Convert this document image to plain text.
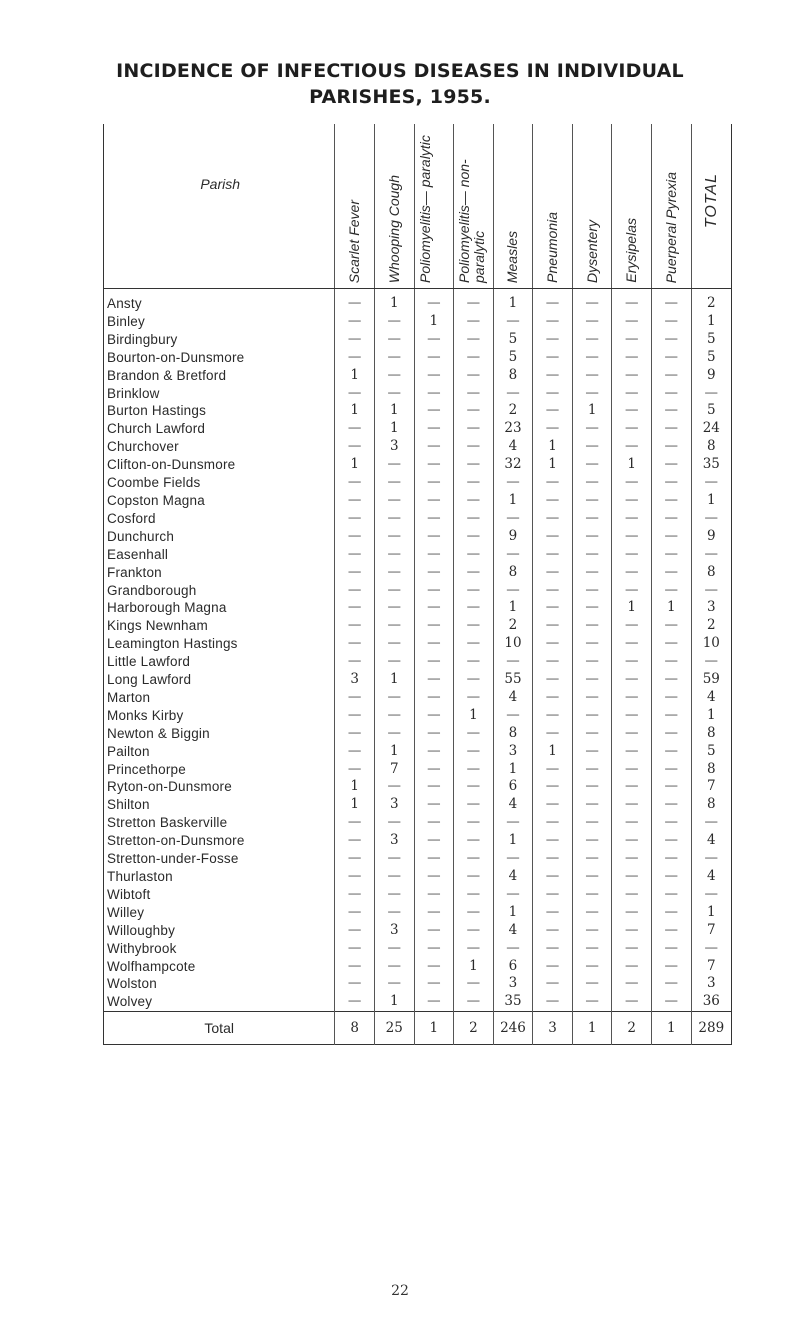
INCIDENCE OF INFECTIOUS DISEASES IN INDIVIDUAL
PARISHES, 1955.
Parish	Scarlet Fever	Whooping Cough	Poliomyelitis— paralytic	Poliomyelitis— non-paralytic	Measles	Pneumonia	Dysentery	Erysipelas	Puerperal Pyrexia	TOTAL

Ansty	—	1	—	—	1	—	—	—	—	2
Binley	—	—	1	—	—	—	—	—	—	1
Birdingbury	—	—	—	—	5	—	—	—	—	5
Bourton-on-Dunsmore	—	—	—	—	5	—	—	—	—	5
Brandon & Bretford	1	—	—	—	8	—	—	—	—	9
Brinklow	—	—	—	—	—	—	—	—	—	—
Burton Hastings	1	1	—	—	2	—	1	—	—	5
Church Lawford	—	1	—	—	23	—	—	—	—	24
Churchover	—	3	—	—	4	1	—	—	—	8
Clifton-on-Dunsmore	1	—	—	—	32	1	—	1	—	35
Coombe Fields	—	—	—	—	—	—	—	—	—	—
Copston Magna	—	—	—	—	1	—	—	—	—	1
Cosford	—	—	—	—	—	—	—	—	—	—
Dunchurch	—	—	—	—	9	—	—	—	—	9
Easenhall	—	—	—	—	—	—	—	—	—	—
Frankton	—	—	—	—	8	—	—	—	—	8
Grandborough	—	—	—	—	—	—	—	—	—	—
Harborough Magna	—	—	—	—	1	—	—	1	1	3
Kings Newnham	—	—	—	—	2	—	—	—	—	2
Leamington Hastings	—	—	—	—	10	—	—	—	—	10
Little Lawford	—	—	—	—	—	—	—	—	—	—
Long Lawford	3	1	—	—	55	—	—	—	—	59
Marton	—	—	—	—	4	—	—	—	—	4
Monks Kirby	—	—	—	1	—	—	—	—	—	1
Newton & Biggin	—	—	—	—	8	—	—	—	—	8
Pailton	—	1	—	—	3	1	—	—	—	5
Princethorpe	—	7	—	—	1	—	—	—	—	8
Ryton-on-Dunsmore	1	—	—	—	6	—	—	—	—	7
Shilton	1	3	—	—	4	—	—	—	—	8
Stretton Baskerville	—	—	—	—	—	—	—	—	—	—
Stretton-on-Dunsmore	—	3	—	—	1	—	—	—	—	4
Stretton-under-Fosse	—	—	—	—	—	—	—	—	—	—
Thurlaston	—	—	—	—	4	—	—	—	—	4
Wibtoft	—	—	—	—	—	—	—	—	—	—
Willey	—	—	—	—	1	—	—	—	—	1
Willoughby	—	3	—	—	4	—	—	—	—	7
Withybrook	—	—	—	—	—	—	—	—	—	—
Wolfhampcote	—	—	—	1	6	—	—	—	—	7
Wolston	—	—	—	—	3	—	—	—	—	3
Wolvey	—	1	—	—	35	—	—	—	—	36
Total	8	25	1	2	246	3	1	2	1	289
22
